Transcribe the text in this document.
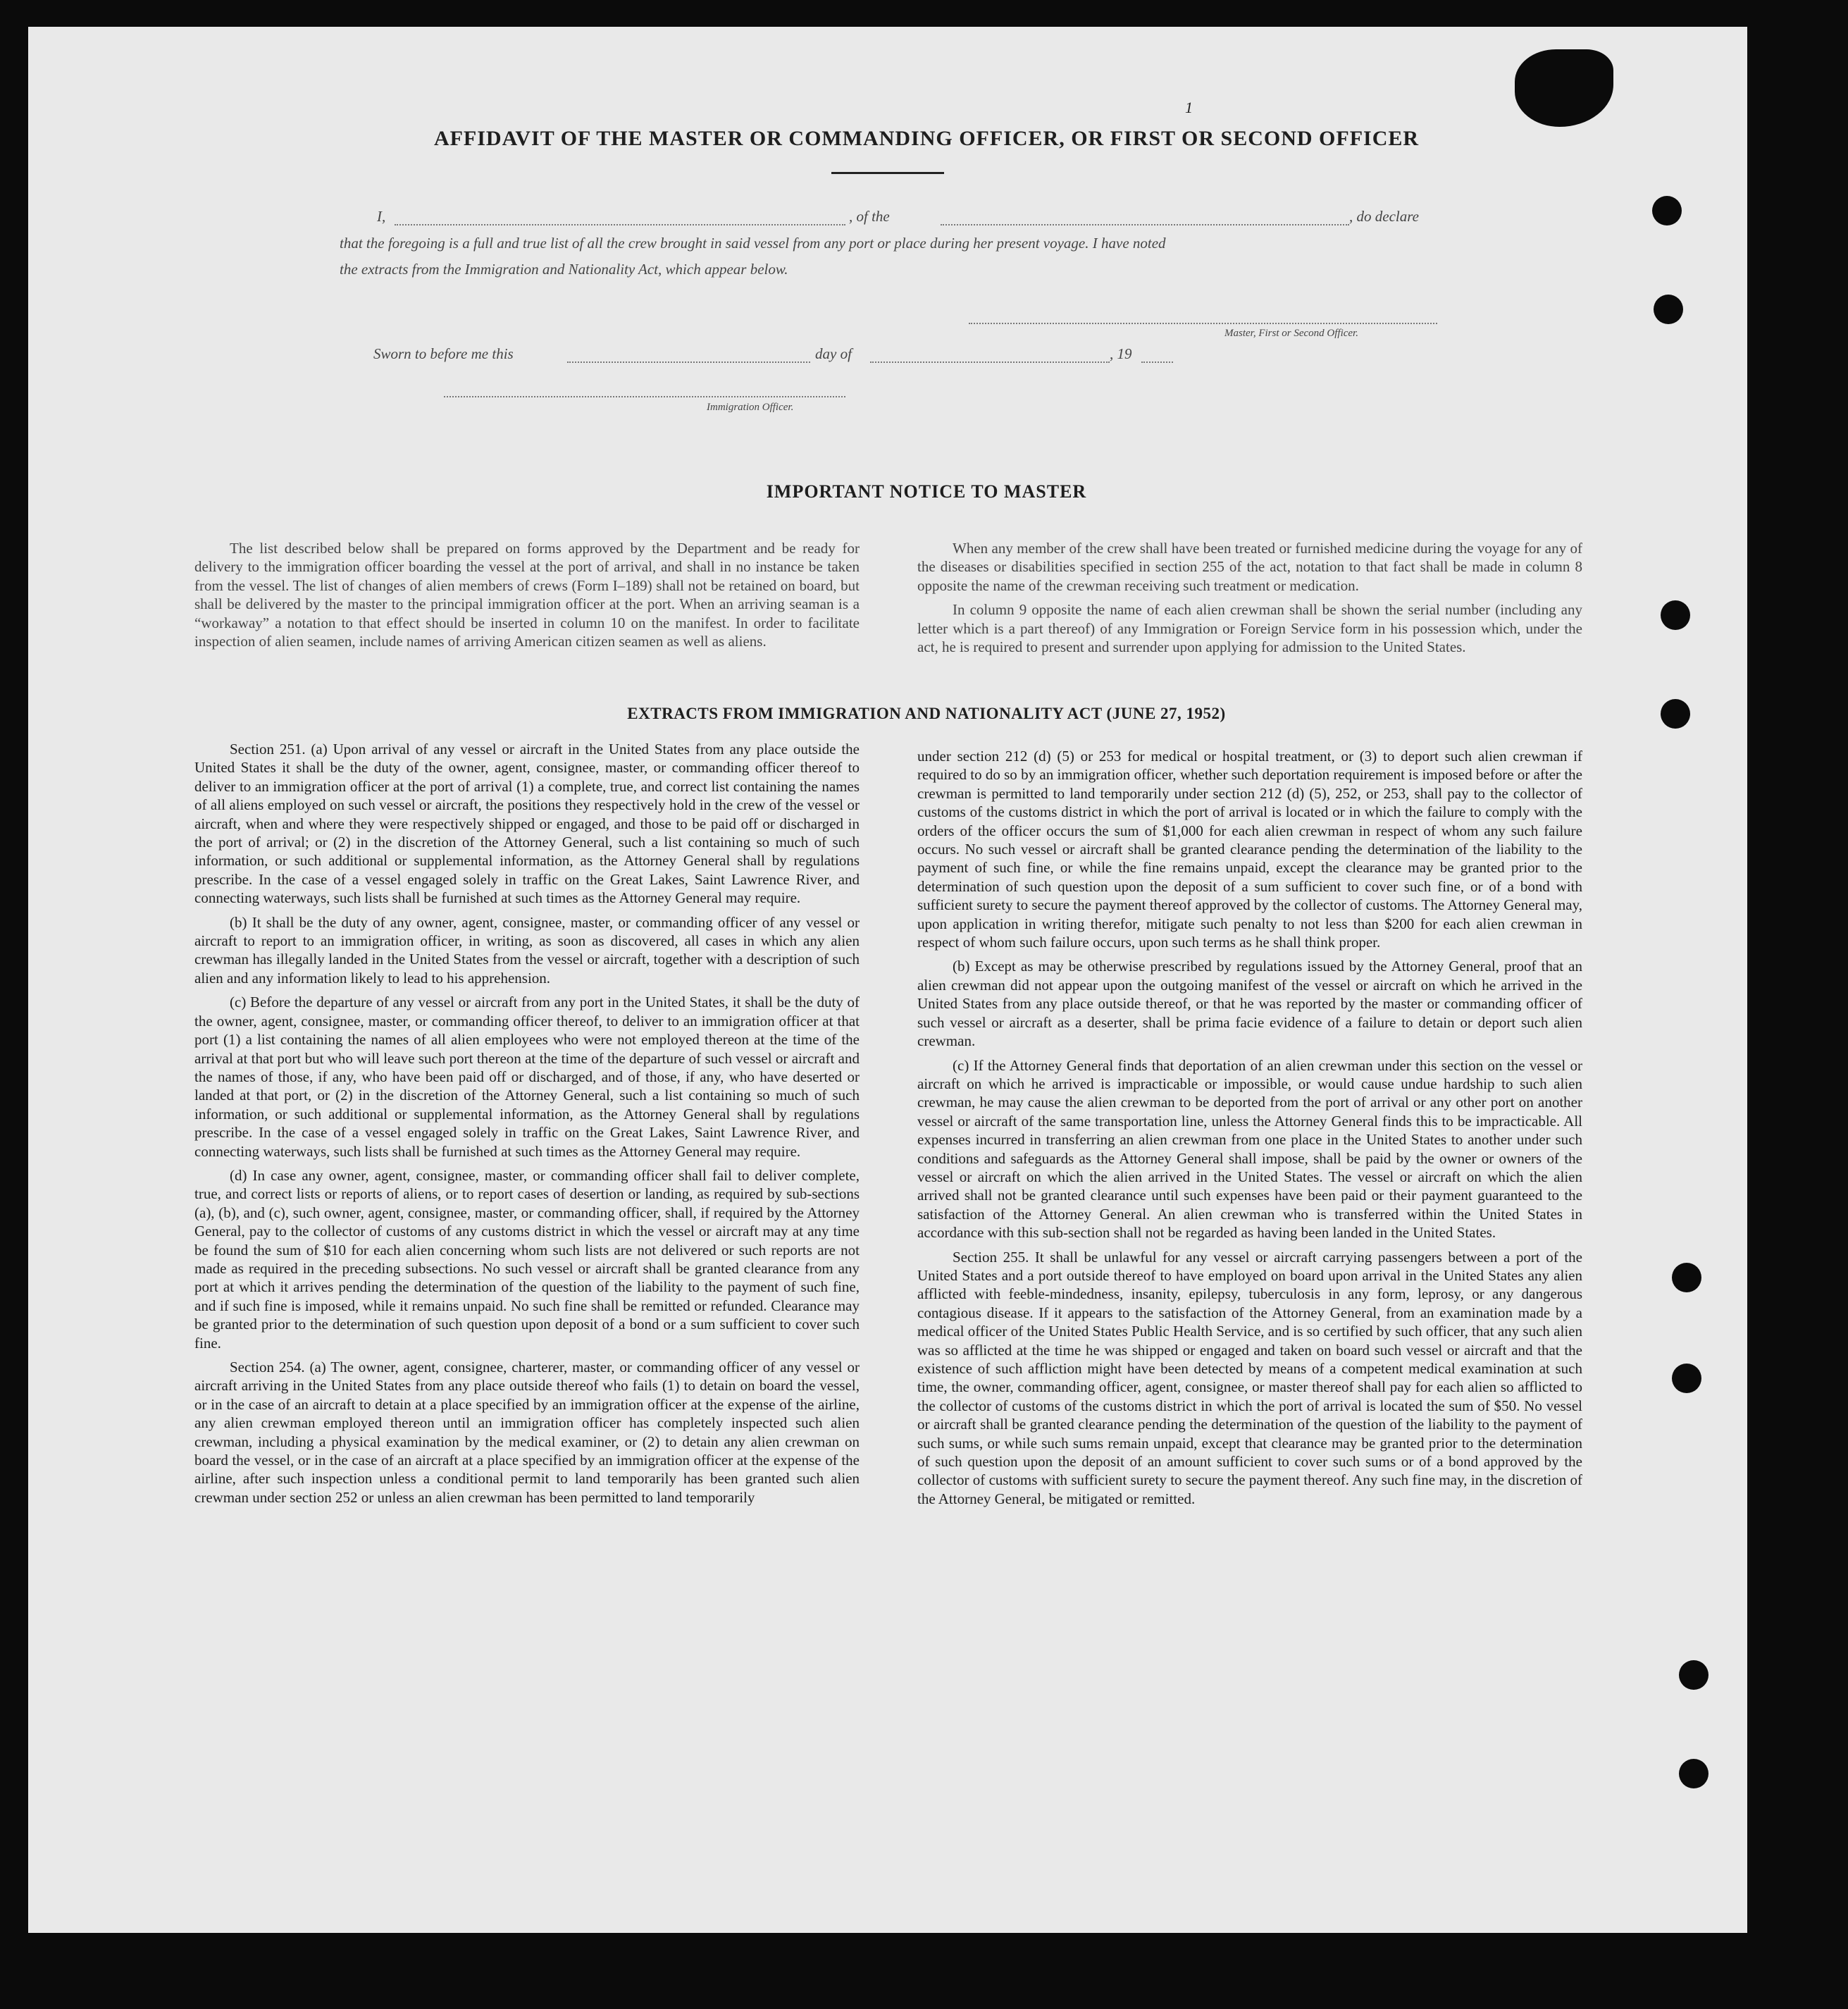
1
AFFIDAVIT OF THE MASTER OR COMMANDING OFFICER, OR FIRST OR SECOND OFFICER
I,	, of the	, do declare
that the foregoing is a full and true list of all the crew brought in said vessel from any port or place during her present voyage. I have noted
the extracts from the Immigration and Nationality Act, which appear below.
Master, First or Second Officer.
Sworn to before me this	day of	, 19
Immigration Officer.
IMPORTANT NOTICE TO MASTER

The list described below shall be prepared on forms approved by the Department and be ready for delivery to the immigration officer boarding the vessel at the port of arrival, and shall in no instance be taken from the vessel. The list of changes of alien members of crews (Form I–189) shall not be retained on board, but shall be delivered by the master to the principal immigration officer at the port. When an arriving seaman is a “workaway” a notation to that effect should be inserted in column 10 on the manifest. In order to facilitate inspection of alien seamen, include names of arriving American citizen seamen as well as aliens.

When any member of the crew shall have been treated or furnished medicine during the voyage for any of the diseases or disabilities specified in section 255 of the act, notation to that fact shall be made in column 8 opposite the name of the crewman receiving such treatment or medication.

In column 9 opposite the name of each alien crewman shall be shown the serial number (including any letter which is a part thereof) of any Immigration or Foreign Service form in his possession which, under the act, he is required to present and surrender upon applying for admission to the United States.

EXTRACTS FROM IMMIGRATION AND NATIONALITY ACT (JUNE 27, 1952)

Section 251. (a) Upon arrival of any vessel or aircraft in the United States from any place outside the United States it shall be the duty of the owner, agent, consignee, master, or commanding officer thereof to deliver to an immigration officer at the port of arrival (1) a complete, true, and correct list containing the names of all aliens employed on such vessel or aircraft, the positions they respectively hold in the crew of the vessel or aircraft, when and where they were respectively shipped or engaged, and those to be paid off or discharged in the port of arrival; or (2) in the discretion of the Attorney General, such a list containing so much of such information, or such additional or supplemental information, as the Attorney General shall by regulations prescribe. In the case of a vessel engaged solely in traffic on the Great Lakes, Saint Lawrence River, and connecting waterways, such lists shall be furnished at such times as the Attorney General may require.

(b) It shall be the duty of any owner, agent, consignee, master, or commanding officer of any vessel or aircraft to report to an immigration officer, in writing, as soon as discovered, all cases in which any alien crewman has illegally landed in the United States from the vessel or aircraft, together with a description of such alien and any information likely to lead to his apprehension.

(c) Before the departure of any vessel or aircraft from any port in the United States, it shall be the duty of the owner, agent, consignee, master, or commanding officer thereof, to deliver to an immigration officer at that port (1) a list containing the names of all alien employees who were not employed thereon at the time of the arrival at that port but who will leave such port thereon at the time of the departure of such vessel or aircraft and the names of those, if any, who have been paid off or discharged, and of those, if any, who have deserted or landed at that port, or (2) in the discretion of the Attorney General, such a list containing so much of such information, or such additional or supplemental information, as the Attorney General shall by regulations prescribe. In the case of a vessel engaged solely in traffic on the Great Lakes, Saint Lawrence River, and connecting waterways, such lists shall be furnished at such times as the Attorney General may require.

(d) In case any owner, agent, consignee, master, or commanding officer shall fail to deliver complete, true, and correct lists or reports of aliens, or to report cases of desertion or landing, as required by sub-sections (a), (b), and (c), such owner, agent, consignee, master, or commanding officer, shall, if required by the Attorney General, pay to the collector of customs of any customs district in which the vessel or aircraft may at any time be found the sum of $10 for each alien concerning whom such lists are not delivered or such reports are not made as required in the preceding subsections. No such vessel or aircraft shall be granted clearance from any port at which it arrives pending the determination of the question of the liability to the payment of such fine, and if such fine is imposed, while it remains unpaid. No such fine shall be remitted or refunded. Clearance may be granted prior to the determination of such question upon deposit of a bond or a sum sufficient to cover such fine.

Section 254. (a) The owner, agent, consignee, charterer, master, or commanding officer of any vessel or aircraft arriving in the United States from any place outside thereof who fails (1) to detain on board the vessel, or in the case of an aircraft to detain at a place specified by an immigration officer at the expense of the airline, any alien crewman employed thereon until an immigration officer has completely inspected such alien crewman, including a physical examination by the medical examiner, or (2) to detain any alien crewman on board the vessel, or in the case of an aircraft at a place specified by an immigration officer at the expense of the airline, after such inspection unless a conditional permit to land temporarily has been granted such alien crewman under section 252 or unless an alien crewman has been permitted to land temporarily

under section 212 (d) (5) or 253 for medical or hospital treatment, or (3) to deport such alien crewman if required to do so by an immigration officer, whether such deportation requirement is imposed before or after the crewman is permitted to land temporarily under section 212 (d) (5), 252, or 253, shall pay to the collector of customs of the customs district in which the port of arrival is located or in which the failure to comply with the orders of the officer occurs the sum of $1,000 for each alien crewman in respect of whom any such failure occurs. No such vessel or aircraft shall be granted clearance pending the determination of the liability to the payment of such fine, or while the fine remains unpaid, except the clearance may be granted prior to the determination of such question upon the deposit of a sum sufficient to cover such fine, or of a bond with sufficient surety to secure the payment thereof approved by the collector of customs. The Attorney General may, upon application in writing therefor, mitigate such penalty to not less than $200 for each alien crewman in respect of whom such failure occurs, upon such terms as he shall think proper.

(b) Except as may be otherwise prescribed by regulations issued by the Attorney General, proof that an alien crewman did not appear upon the outgoing manifest of the vessel or aircraft on which he arrived in the United States from any place outside thereof, or that he was reported by the master or commanding officer of such vessel or aircraft as a deserter, shall be prima facie evidence of a failure to detain or deport such alien crewman.

(c) If the Attorney General finds that deportation of an alien crewman under this section on the vessel or aircraft on which he arrived is impracticable or impossible, or would cause undue hardship to such alien crewman, he may cause the alien crewman to be deported from the port of arrival or any other port on another vessel or aircraft of the same transportation line, unless the Attorney General finds this to be impracticable. All expenses incurred in transferring an alien crewman from one place in the United States to another under such conditions and safeguards as the Attorney General shall impose, shall be paid by the owner or owners of the vessel or aircraft on which the alien arrived in the United States. The vessel or aircraft on which the alien arrived shall not be granted clearance until such expenses have been paid or their payment guaranteed to the satisfaction of the Attorney General. An alien crewman who is transferred within the United States in accordance with this sub-section shall not be regarded as having been landed in the United States.

Section 255. It shall be unlawful for any vessel or aircraft carrying passengers between a port of the United States and a port outside thereof to have employed on board upon arrival in the United States any alien afflicted with feeble-mindedness, insanity, epilepsy, tuberculosis in any form, leprosy, or any dangerous contagious disease. If it appears to the satisfaction of the Attorney General, from an examination made by a medical officer of the United States Public Health Service, and is so certified by such officer, that any such alien was so afflicted at the time he was shipped or engaged and taken on board such vessel or aircraft and that the existence of such affliction might have been detected by means of a competent medical examination at such time, the owner, commanding officer, agent, consignee, or master thereof shall pay for each alien so afflicted to the collector of customs of the customs district in which the port of arrival is located the sum of $50. No vessel or aircraft shall be granted clearance pending the determination of the question of the liability to the payment of such sums, or while such sums remain unpaid, except that clearance may be granted prior to the determination of such question upon the deposit of an amount sufficient to cover such sums or of a bond approved by the collector of customs with sufficient surety to secure the payment thereof. Any such fine may, in the discretion of the Attorney General, be mitigated or remitted.
